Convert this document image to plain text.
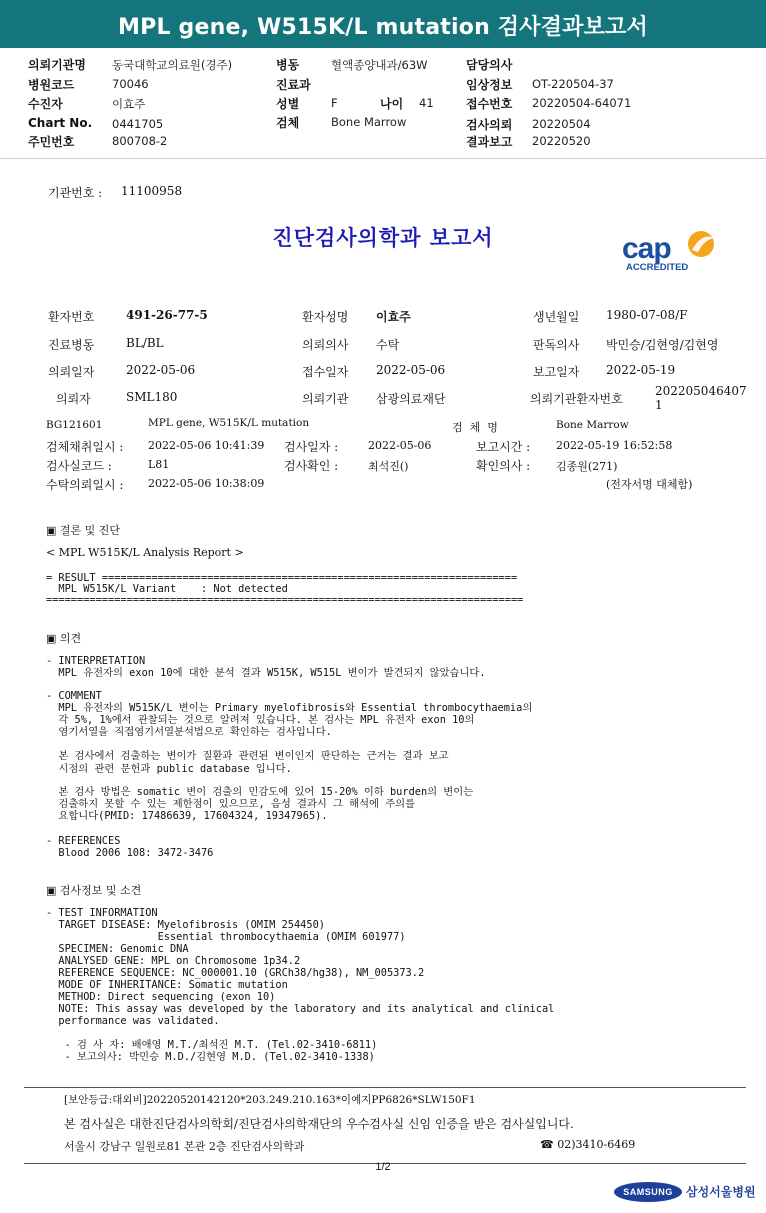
MPL gene, W515K/L mutation 검사결과보고서
의뢰기관명 동국대학교의료원(경주)
병원코드	70046
수진자	이효주
Chart No. 0441705
주민번호	800708-2
병동	혈액종양내과/63W
진료과
성별	F	나이 41
검체	Bone Marrow
담당의사
임상정보 OT-220504-37
접수번호 20220504-64071
검사의뢰 20220504
결과보고 20220520
기관번호 : 11100958
진단검사의학과 보고서	cap
ACCREDITED
환자번호	491-26-77-5	환자성명 이효주	생년월일 1980-07-08/F
진료병동	BL/BL	의뢰의사 수탁	판독의사 박민승/김현영/김현영
의뢰일자	2022-05-06	접수일자 2022-05-06	보고일자 2022-05-19
의뢰자	SML180	의뢰기관 삼광의료재단	의뢰기관환자번호
202205046407
1
BG121601	MPL gene, W515K/L mutation	검  체  명	Bone Marrow
검체채취일시 : 2022-05-06 10:41:39 검사일자 :	2022-05-06	보고시간 : 2022-05-19 16:52:58
검사실코드 :	L81	검사확인 :	최석진()	확인의사 : 김종원(271)
수탁의뢰일시 : 2022-05-06 10:38:09	(전자서명 대체함)
▣ 결론 및 진단
< MPL W515K/L Analysis Report >
= RESULT ===================================================================
MPL W515K/L Variant    : Not detected
=============================================================================
▣ 의견
- INTERPRETATION
MPL 유전자의 exon 10에 대한 분석 결과 W515K, W515L 변이가 발견되지 않았습니다.
- COMMENT
MPL 유전자의 W515K/L 변이는 Primary myelofibrosis와 Essential thrombocythaemia의
각 5%, 1%에서 관찰되는 것으로 알려져 있습니다. 본 검사는 MPL 유전자 exon 10의
염기서열을 직접염기서열분석법으로 확인하는 검사입니다.
본 검사에서 검출하는 변이가 질환과 관련된 변이인지 판단하는 근거는 결과 보고
시점의 관련 문헌과 public database 입니다.
본 검사 방법은 somatic 변이 검출의 민감도에 있어 15-20% 이하 burden의 변이는
검출하지 못할 수 있는 제한점이 있으므로, 음성 결과시 그 해석에 주의를
요합니다(PMID: 17486639, 17604324, 19347965).
- REFERENCES
Blood 2006 108: 3472-3476
▣ 검사정보 및 소견
- TEST INFORMATION
TARGET DISEASE: Myelofibrosis (OMIM 254450)
Essential thrombocythaemia (OMIM 601977)
SPECIMEN: Genomic DNA
ANALYSED GENE: MPL on Chromosome 1p34.2
REFERENCE SEQUENCE: NC_000001.10 (GRCh38/hg38), NM_005373.2
MODE OF INHERITANCE: Somatic mutation
METHOD: Direct sequencing (exon 10)
NOTE: This assay was developed by the laboratory and its analytical and clinical
performance was validated.
- 검 사 자: 배애영 M.T./최석진 M.T. (Tel.02-3410-6811)
- 보고의사: 박민승 M.D./김현영 M.D. (Tel.02-3410-1338)
[보안등급:대외비]20220520142120*203.249.210.163*이예지PP6826*SLW150F1
본 검사실은 대한진단검사의학회/진단검사의학재단의 우수검사실 신임 인증을 받은 검사실입니다.
서울시 강남구 일원로81 본관 2층 진단검사의학과	☎ 02)3410-6469
1/2
SAMSUNG	삼성서울병원
